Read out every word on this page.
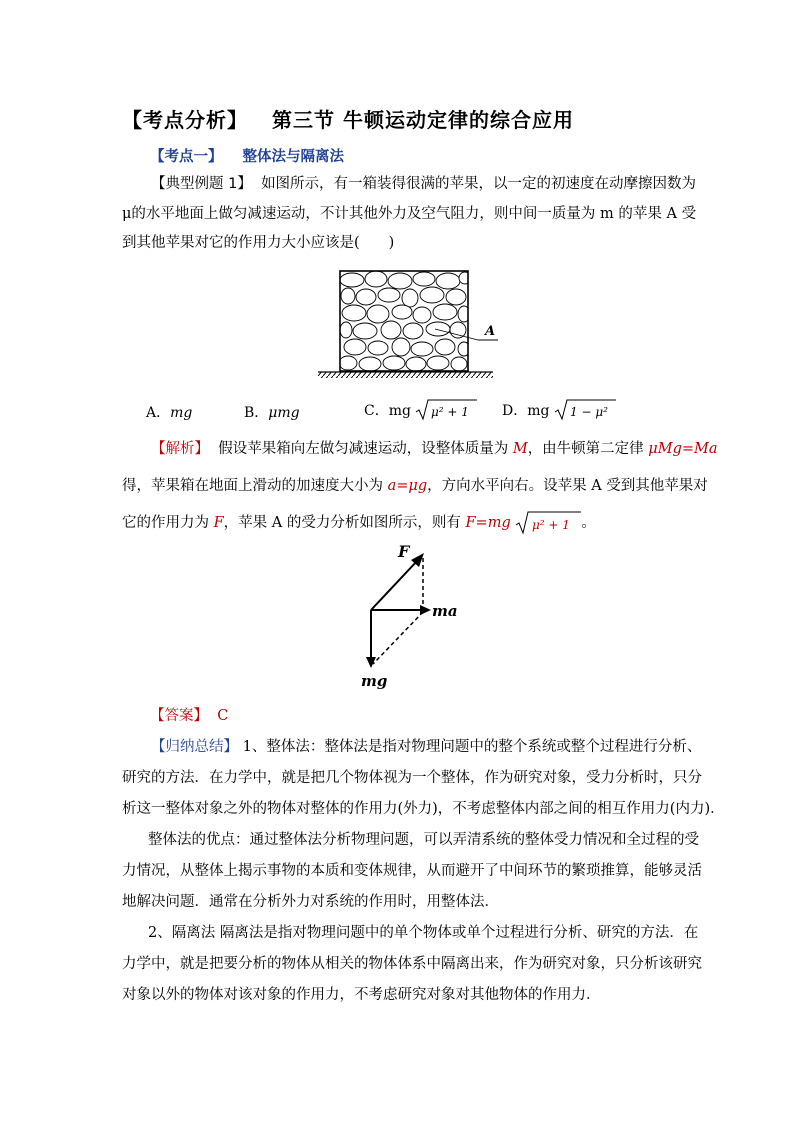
【考点分析】 第三节 牛顿运动定律的综合应用
【考点一】 整体法与隔离法
【典型例题 1】 如图所示，有一箱装得很满的苹果，以一定的初速度在动摩擦因数为
μ的水平地面上做匀减速运动，不计其他外力及空气阻力，则中间一质量为 m 的苹果 A 受
到其他苹果对它的作用力大小应该是(　　)
A
A．mg	B．μmg	C．mg μ² + 1 D．mg 1 − μ²
【解析】 假设苹果箱向左做匀减速运动，设整体质量为 M，由牛顿第二定律 μMg=Ma
得，苹果箱在地面上滑动的加速度大小为 a=μg，方向水平向右。设苹果 A 受到其他苹果对
它的作用力为 F，苹果 A 的受力分析如图所示，则有 F=mg μ² + 1 。
F
ma
mg
【答案】 C
【归纳总结】 1、整体法：整体法是指对物理问题中的整个系统或整个过程进行分析、
研究的方法．在力学中，就是把几个物体视为一个整体，作为研究对象，受力分析时，只分
析这一整体对象之外的物体对整体的作用力(外力)，不考虑整体内部之间的相互作用力(内力)．
整体法的优点：通过整体法分析物理问题，可以弄清系统的整体受力情况和全过程的受
力情况，从整体上揭示事物的本质和变体规律，从而避开了中间环节的繁琐推算，能够灵活
地解决问题．通常在分析外力对系统的作用时，用整体法．
2、隔离法 隔离法是指对物理问题中的单个物体或单个过程进行分析、研究的方法．在
力学中，就是把要分析的物体从相关的物体体系中隔离出来，作为研究对象，只分析该研究
对象以外的物体对该对象的作用力，不考虑研究对象对其他物体的作用力．
